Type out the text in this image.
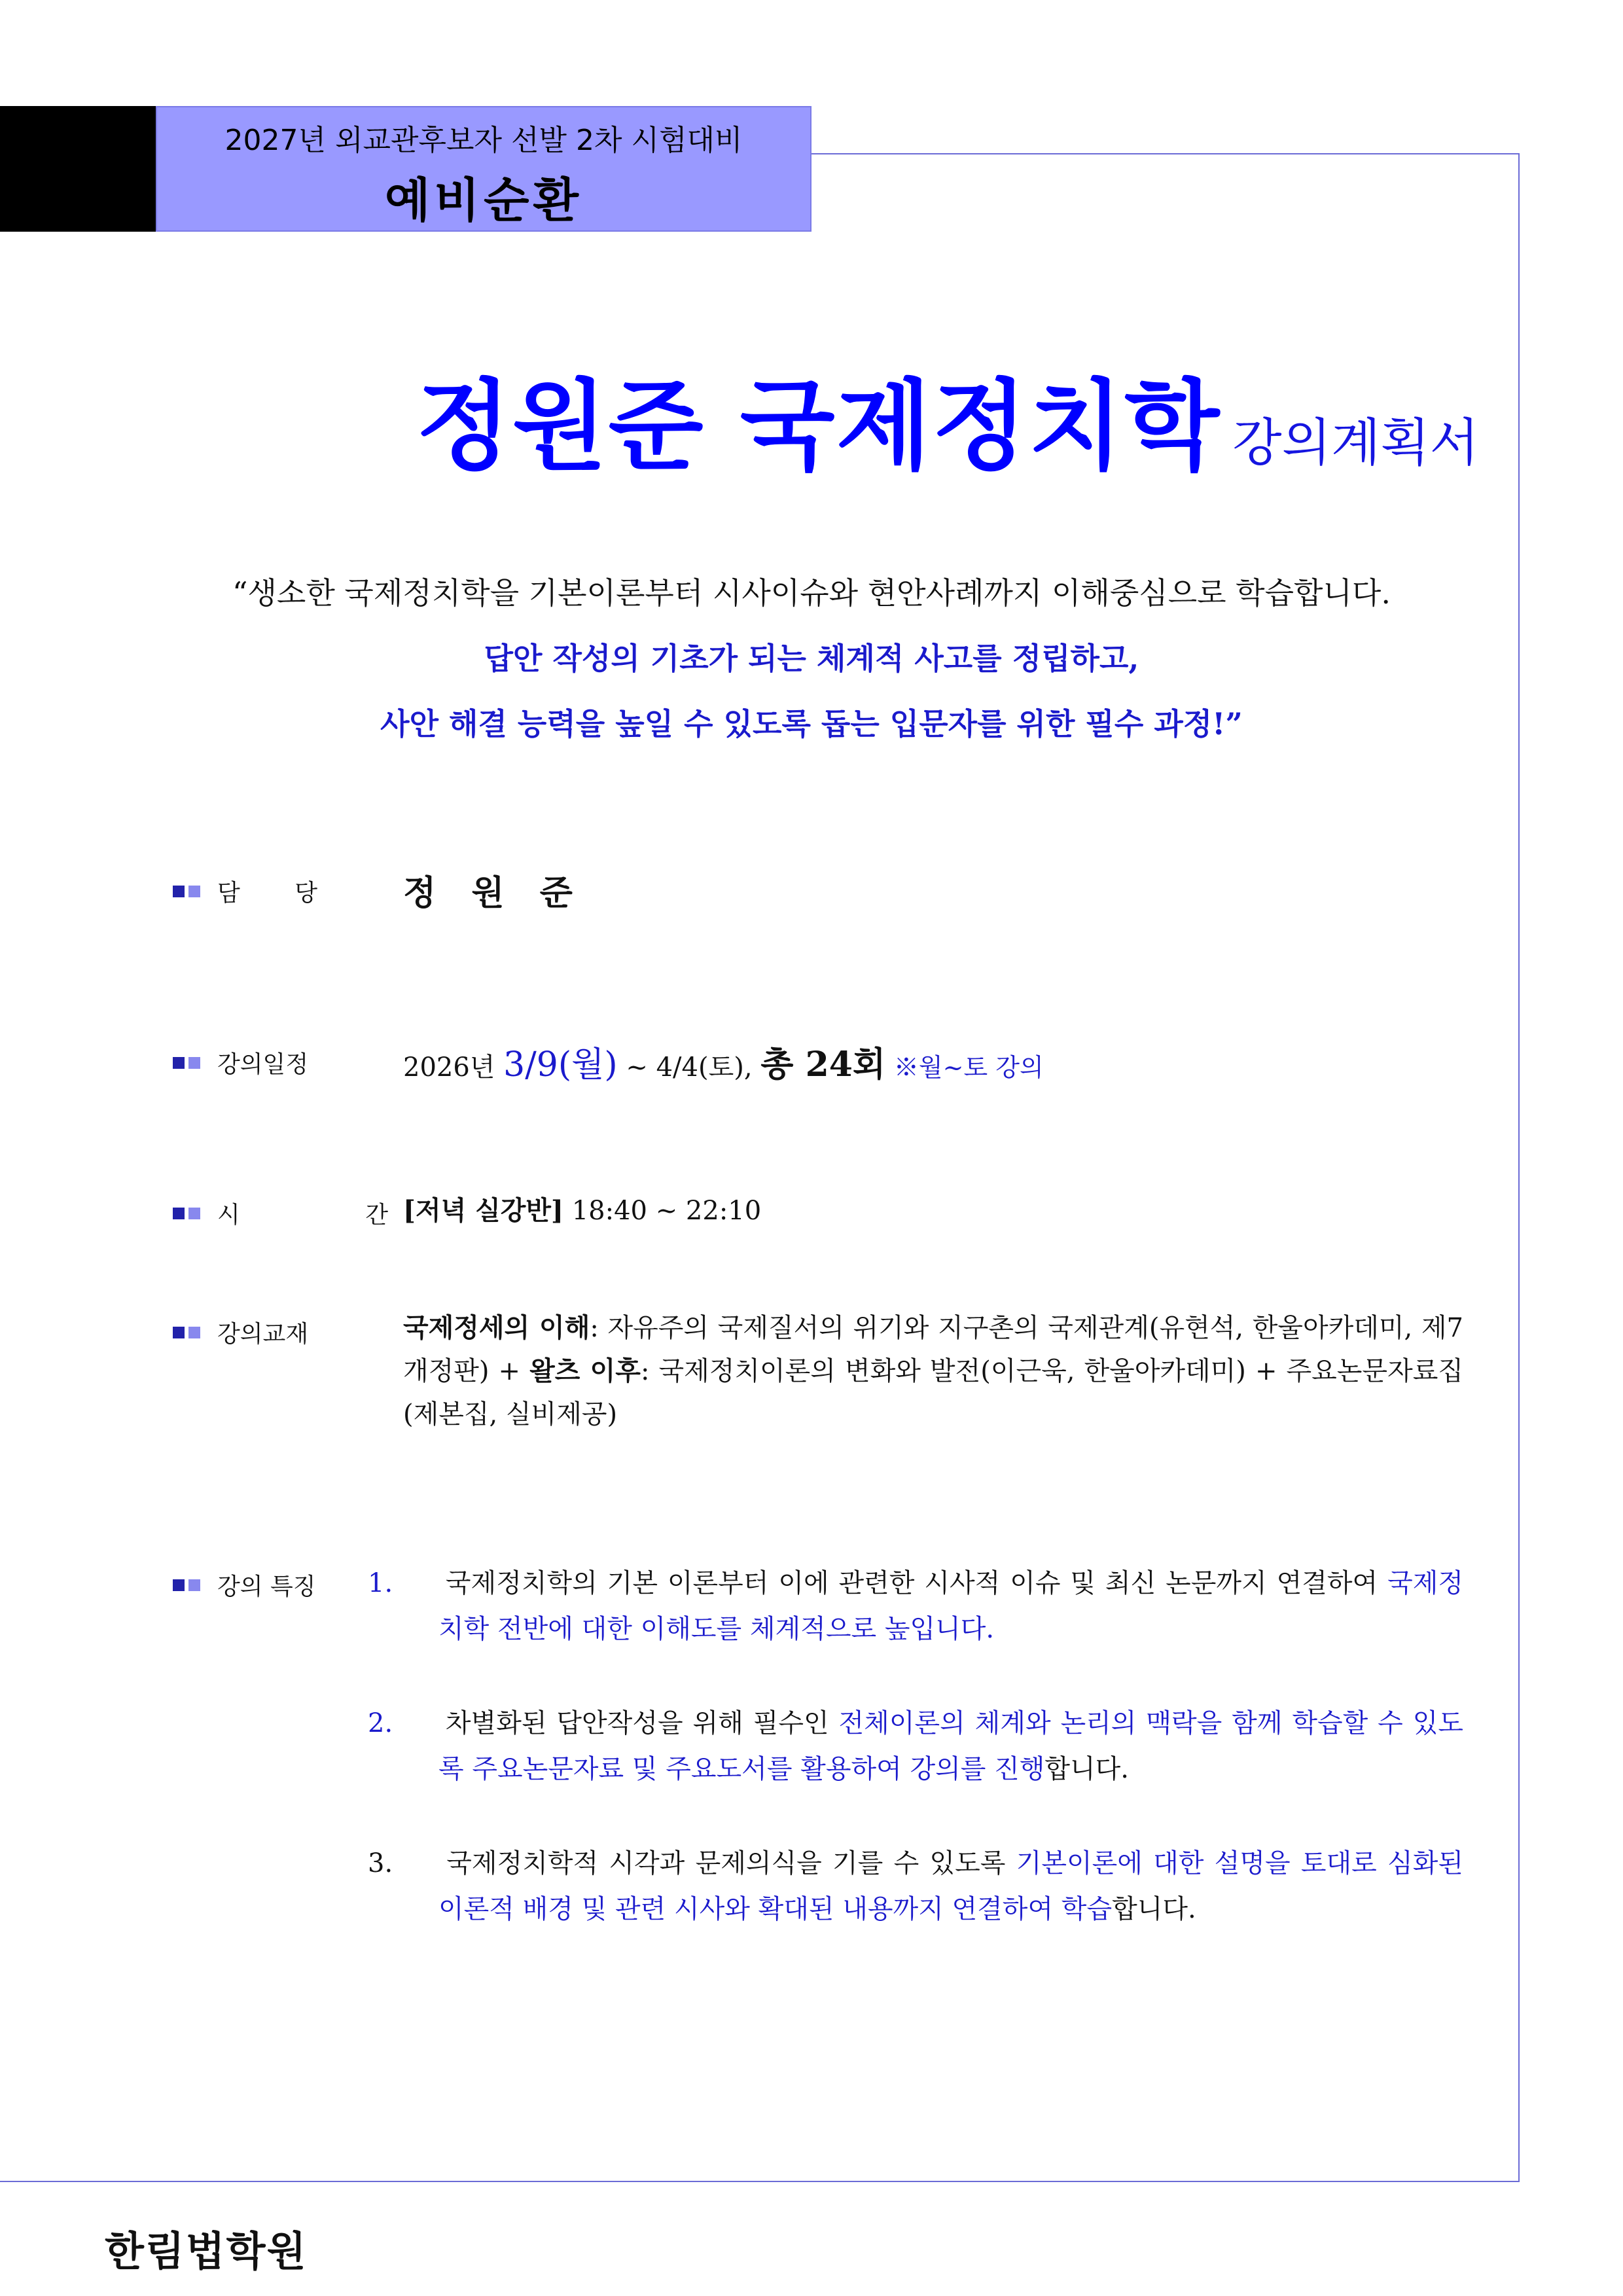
2027년 외교관후보자 선발 2차 시험대비
예비순환
정원준 국제정치학 강의계획서
“생소한 국제정치학을 기본이론부터 시사이슈와 현안사례까지 이해중심으로 학습합니다.
답안 작성의 기초가 되는 체계적 사고를 정립하고,
사안 해결 능력을 높일 수 있도록 돕는 입문자를 위한 필수 과정!”
담 당 정 원 준
강의일정	2026년 3/9(월) ~ 4/4(토), 총 24회 ※월~토 강의
시 간
[저녁 실강반] 18:40 ~ 22:10
강의교재	국제정세의 이해: 자유주의 국제질서의 위기와 지구촌의 국제관계(유현석, 한울아카데미, 제7개정판) + 왈츠 이후: 국제정치이론의 변화와 발전(이근욱, 한울아카데미) + 주요논문자료집(제본집, 실비제공)
강의 특징 1. 국제정치학의 기본 이론부터 이에 관련한 시사적 이슈 및 최신 논문까지 연결하여 국제정치학 전반에 대한 이해도를 체계적으로 높입니다.
2. 차별화된 답안작성을 위해 필수인 전체이론의 체계와 논리의 맥락을 함께 학습할 수 있도록 주요논문자료 및 주요도서를 활용하여 강의를 진행합니다.
3. 국제정치학적 시각과 문제의식을 기를 수 있도록 기본이론에 대한 설명을 토대로 심화된 이론적 배경 및 관련 시사와 확대된 내용까지 연결하여 학습합니다.
한림법학원
